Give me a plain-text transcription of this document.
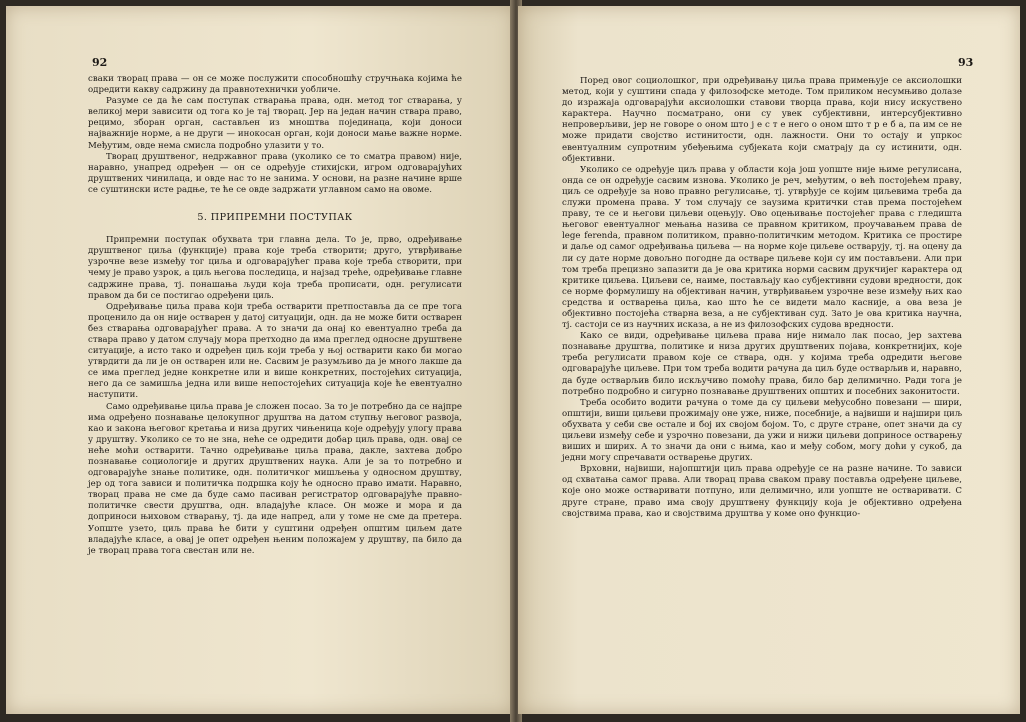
92

сваки творац права — он се може послужити способношћу стручњака којима ће одредити какву садржину да правнотехнички уобличе.

Разуме се да ће сам поступак стварања права, одн. метод тог стварања, у великој мери зависити од тога ко је тај творац. Јер на један начин ствара право, рецимо, зборан орган, састављен из мноштва појединаца, који доноси најважније норме, а не други — инокосан орган, који доноси мање важне норме. Међутим, овде нема смисла подробно улазити у то.

Творац друштвеног, недржавног права (уколико се то сматра правом) није, наравно, унапред одређен — он се одређује стихијски, игром одговарајућих друштвених чинилаца, и овде нас то не занима. У основи, на разне начине врше се суштински исте радње, те ће се овде задржати углавном само на овоме.

5. ПРИПРЕМНИ ПОСТУПАК

Припремни поступак обухвата три главна дела. То је, прво, одређивање друштвеног циља (функције) права које треба створити; друго, утврђивање узрочне везе између тог циља и одговарајућег права које треба створити, при чему је право узрок, а циљ његова последица, и најзад треће, одређивање главне садржине права, тј. понашања људи која треба прописати, одн. регулисати правом да би се постигао одређени циљ.

Одређивање циља права који треба остварити претпоставља да се пре тога проценило да он није остварен у датој ситуацији, одн. да не може бити остварен без стварања одговарајућег права. А то значи да онај ко евентуално треба да ствара право у датом случају мора претходно да има преглед односне друштвене ситуације, а исто тако и одређен циљ који треба у њој остварити како би могао утврдити да ли је он остварен или не. Сасвим је разумљиво да је много лакше да се има преглед једне конкретне или и више конкретних, постојећих ситуација, него да се замишља једна или више непостојећих ситуација које ће евентуално наступити.

Само одређивање циља права је сложен посао. За то је потребно да се најпре има одређено познавање целокупног друштва на датом ступњу његовог развоја, као и закона његовог кретања и низа других чињеница које одређују улогу права у друштву. Уколико се то не зна, неће се одредити добар циљ права, одн. овај се неће моћи остварити. Тачно одређивање циља права, дакле, захтева добро познавање социологије и других друштвених наука. Али је за то потребно и одговарајуће знање политике, одн. политичког мишљења у односном друштву, јер од тога зависи и политичка подршка коју ће односно право имати. Наравно, творац права не сме да буде само пасиван регистратор одговарајуће правно-политичке свести друштва, одн. владајуће класе. Он може и мора и да доприноси њиховом стварању, тј. да иде напред, али у томе не сме да претера. Уопште узето, циљ права ће бити у суштини одређен општим циљем дате владајуће класе, а овај је опет одређен њеним положајем у друштву, па било да је творац права тога свестан или не.

93

Поред овог социолошког, при одређивању циља права примењује се аксиолошки метод, који у суштини спада у филозофске методе. Том приликом несумњиво долазе до изражаја одговарајући аксиолошки ставови творца права, који нису искуствено карактера. Научно посматрано, они су увек субјективни, интерсубјективно непроверљиви, јер не говоре о оном што ј е с т е него о оном што т р е б а, па им се не може придати својство истинитости, одн. лажности. Они то остају и упркос евентуалним супротним убеђењима субјеката који сматрају да су истинити, одн. објективни.

Уколико се одређује циљ права у области која још уопште није њиме регулисана, онда се он одређује сасвим изнова. Уколико је реч, међутим, о већ постојећем праву, циљ се одређује за ново правно регулисање, тј. утврђује се којим циљевима треба да служи промена права. У том случају се заузима критички став према постојећем праву, те се и његови циљеви оцењују. Ово оцењивање постојећег права с гледишта његовог евентуалног мењања назива се правном критиком, проучавањем права de lege ferenda, правном политиком, правно-политичким методом. Критика се простире и даље од самог одређивања циљева — на норме које циљеве остварују, тј. на оцену да ли су дате норме довољно погодне да остваре циљеве који су им постављени. Али при том треба прецизно запазити да је ова критика норми сасвим друкчијег карактера од критике циљева. Циљеви се, наиме, постављају као субјективни судови вредности, док се норме формулишу на објективан начин, утврђивањем узрочне везе између њих као средства и остварења циља, као што ће се видети мало касније, а ова веза је објективно постојећа стварна веза, а не субјективан суд. Зато је ова критика научна, тј. састоји се из научних исказа, а не из филозофских судова вредности.

Како се види, одређивање циљева права није нимало лак посао, јер захтева познавање друштва, политике и низа других друштвених појава, конкретнијих, које треба регулисати правом које се ствара, одн. у којима треба одредити његове одговарајуће циљеве. При том треба водити рачуна да циљ буде остварљив и, наравно, да буде остварљив било искључиво помоћу права, било бар делимично. Ради тога је потребно подробно и сигурно познавање друштвених општих и посебних законитости.

Треба особито водити рачуна о томе да су циљеви међусобно повезани — шири, општији, виши циљеви прожимају оне уже, ниже, посебније, а највиши и најшири циљ обухвата у себи све остале и бој их својом бојом. То, с друге стране, опет значи да су циљеви између себе и узрочно повезани, да ужи и нижи циљеви доприносе остварењу виших и ширих. А то значи да они с њима, као и међу собом, могу доћи у сукоб, да једни могу спречавати остварење других.

Врховни, највиши, најопштији циљ права одређује се на разне начине. То зависи од схватања самог права. Али творац права сваком праву поставља одређене циљеве, које оно може остваривати потпуно, или делимично, или уопште не остваривати. С друге стране, право има своју друштвену функцију која је објективно одређена својствима права, као и својствима друштва у коме оно функцио-
